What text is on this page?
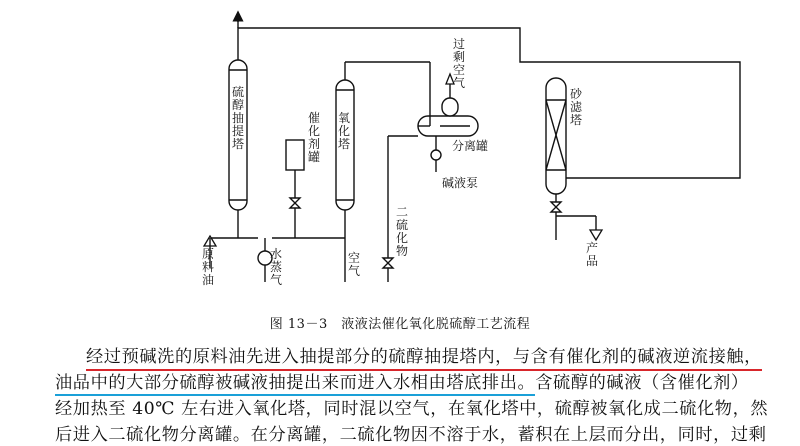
硫醇抽提塔
催化剂罐
氧化塔
过剩空气
分离罐
碱液泵
二硫化物
砂滤塔
产品
原料油
水蒸气
空气
图 13－3　液液法催化氧化脱硫醇工艺流程
经过预碱洗的原料油先进入抽提部分的硫醇抽提塔内，与含有催化剂的碱液逆流接触，
油品中的大部分硫醇被碱液抽提出来而进入水相由塔底排出。含硫醇的碱液（含催化剂）
经加热至 40℃ 左右进入氧化塔，同时混以空气，在氧化塔中，硫醇被氧化成二硫化物，然
后进入二硫化物分离罐。在分离罐，二硫化物因不溶于水，蓄积在上层而分出，同时，过剩
